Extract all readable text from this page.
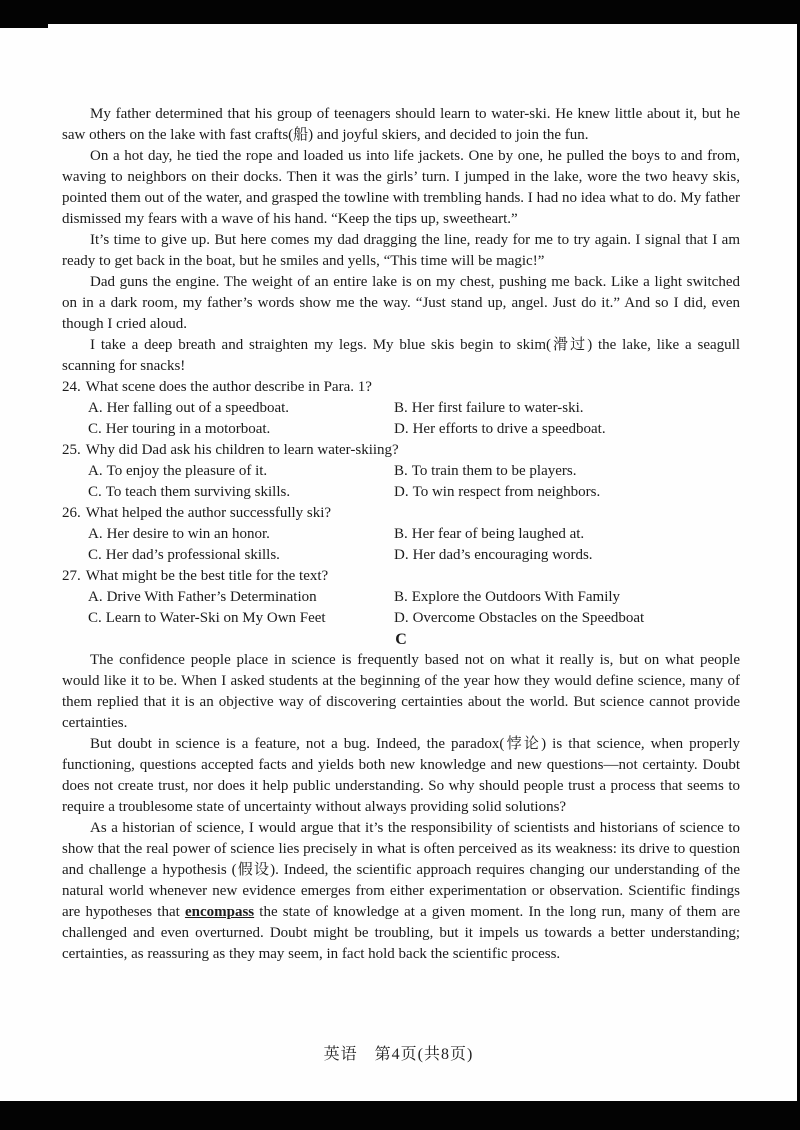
My father determined that his group of teenagers should learn to water-ski. He knew little about it, but he saw others on the lake with fast crafts(船) and joyful skiers, and decided to join the fun.

On a hot day, he tied the rope and loaded us into life jackets. One by one, he pulled the boys to and from, waving to neighbors on their docks. Then it was the girls’ turn. I jumped in the lake, wore the two heavy skis, pointed them out of the water, and grasped the towline with trembling hands. I had no idea what to do. My father dismissed my fears with a wave of his hand. “Keep the tips up, sweetheart.”

It’s time to give up. But here comes my dad dragging the line, ready for me to try again. I signal that I am ready to get back in the boat, but he smiles and yells, “This time will be magic!”

Dad guns the engine. The weight of an entire lake is on my chest, pushing me back. Like a light switched on in a dark room, my father’s words show me the way. “Just stand up, angel. Just do it.” And so I did, even though I cried aloud.

I take a deep breath and straighten my legs. My blue skis begin to skim(滑过) the lake, like a seagull scanning for snacks!

24. What scene does the author describe in Para. 1?
A. Her falling out of a speedboat.	B. Her first failure to water-ski.
C. Her touring in a motorboat.	D. Her efforts to drive a speedboat.
25. Why did Dad ask his children to learn water-skiing?
A. To enjoy the pleasure of it.	B. To train them to be players.
C. To teach them surviving skills.	D. To win respect from neighbors.
26. What helped the author successfully ski?
A. Her desire to win an honor.	B. Her fear of being laughed at.
C. Her dad’s professional skills.	D. Her dad’s encouraging words.
27. What might be the best title for the text?
A. Drive With Father’s Determination	B. Explore the Outdoors With Family
C. Learn to Water-Ski on My Own Feet	D. Overcome Obstacles on the Speedboat
C

The confidence people place in science is frequently based not on what it really is, but on what people would like it to be. When I asked students at the beginning of the year how they would define science, many of them replied that it is an objective way of discovering certainties about the world. But science cannot provide certainties.

But doubt in science is a feature, not a bug. Indeed, the paradox(悖论) is that science, when properly functioning, questions accepted facts and yields both new knowledge and new questions—not certainty. Doubt does not create trust, nor does it help public understanding. So why should people trust a process that seems to require a troublesome state of uncertainty without always providing solid solutions?

As a historian of science, I would argue that it’s the responsibility of scientists and historians of science to show that the real power of science lies precisely in what is often perceived as its weakness: its drive to question and challenge a hypothesis (假设). Indeed, the scientific approach requires changing our understanding of the natural world whenever new evidence emerges from either experimentation or observation. Scientific findings are hypotheses that encompass the state of knowledge at a given moment. In the long run, many of them are challenged and even overturned. Doubt might be troubling, but it impels us towards a better understanding; certainties, as reassuring as they may seem, in fact hold back the scientific process.

英语　第4页(共8页)
